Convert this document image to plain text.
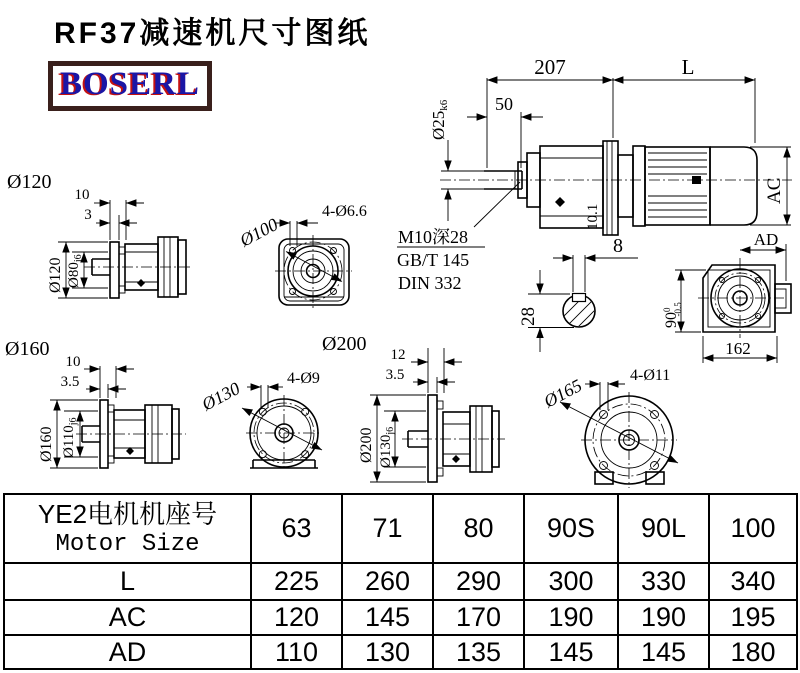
RF37减速机尺寸图纸
BOSERL	207	L
50
Ø25k6
10.1
AC
M10深28
GB/T 145
DIN 332
8
28
AD
$90^0-0.5$
162
Ø120
10
3
Ø120 $Ø80_{j6}$
4-Ø6.6
Ø100
Ø160
10
3.5
Ø160 $Ø110_{j6}$
4-Ø9
Ø130
Ø200 12
3.5
Ø200 $Ø130_{j6}$
4-Ø11
Ø165
YE2电机机座号
Motor Size	63	71	80	90S	90L	100
L	225	260	290	300	330	340
AC	120	145	170	190	190	195
AD	110	130	135	145	145	180
